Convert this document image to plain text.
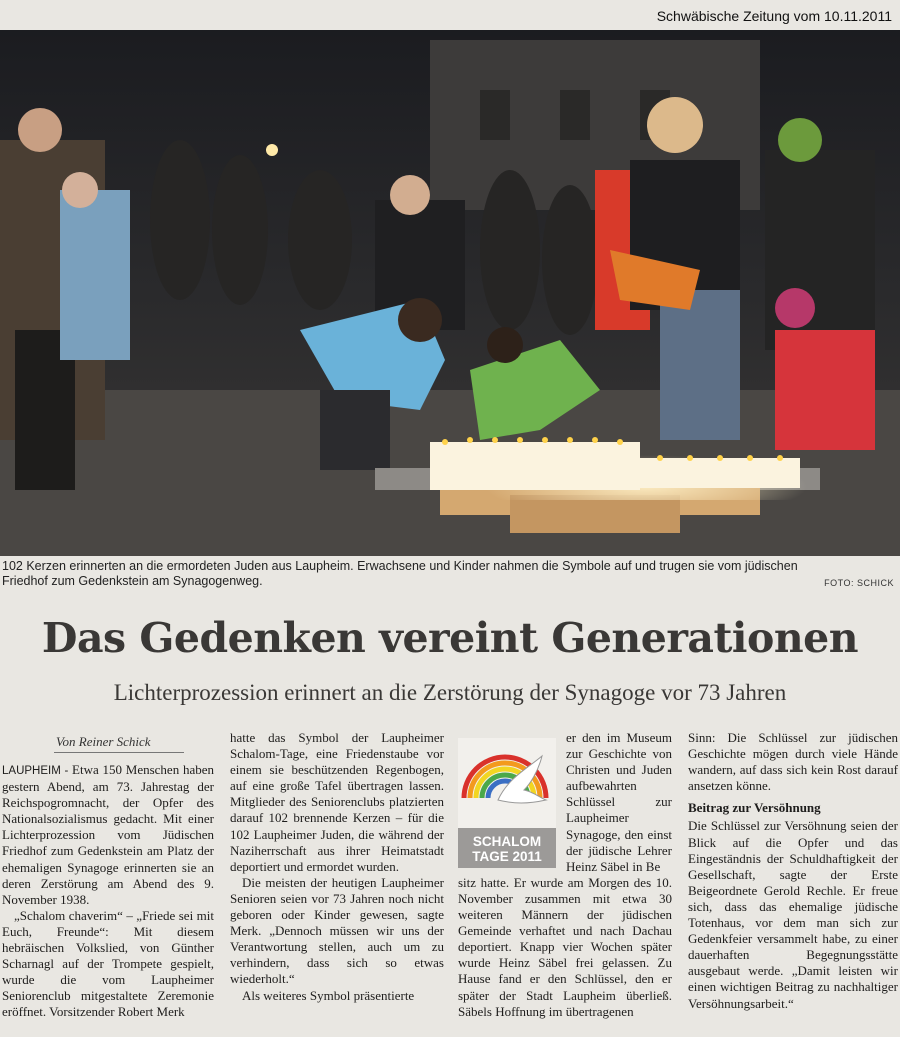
Schwäbische Zeitung vom 10.11.2011
102 Kerzen erinnerten an die ermordeten Juden aus Laupheim. Erwachsene und Kinder nahmen die Symbole auf und trugen sie vom jüdischen Friedhof zum Gedenkstein am Synagogenweg.	FOTO: SCHICK
Das Gedenken vereint Generationen
Lichterprozession erinnert an die Zerstörung der Synagoge vor 73 Jahren
Von Reiner Schick

LAUPHEIM - Etwa 150 Menschen haben gestern Abend, am 73. Jahrestag der Reichspogromnacht, der Opfer des Nationalsozialismus gedacht. Mit einer Lichterprozession vom Jüdischen Friedhof zum Gedenkstein am Platz der ehemaligen Synagoge erinnerten sie an deren Zerstörung am Abend des 9. November 1938.

„Schalom chaverim“ – „Friede sei mit Euch, Freunde“: Mit diesem hebräischen Volkslied, von Günther Scharnagl auf der Trompete gespielt, wurde die vom Laupheimer Seniorenclub mitgestaltete Zeremonie eröffnet. Vorsitzender Robert Merk

hatte das Symbol der Laupheimer Schalom-Tage, eine Friedenstaube vor einem sie beschützenden Regenbogen, auf eine große Tafel übertragen lassen. Mitglieder des Seniorenclubs platzierten darauf 102 brennende Kerzen – für die 102 Laupheimer Juden, die während der Naziherrschaft aus ihrer Heimatstadt deportiert und ermordet wurden.

Die meisten der heutigen Laupheimer Senioren seien vor 73 Jahren noch nicht geboren oder Kinder gewesen, sagte Merk. „Dennoch müssen wir uns der Verantwortung stellen, auch um zu verhindern, dass sich so etwas wiederholt.“

Als weiteres Symbol präsentierte

SCHALOM
TAGE 2011

er den im Museum zur Geschichte von Christen und Juden aufbewahrten Schlüssel zur Laupheimer Synagoge, den einst der jüdische Lehrer Heinz Säbel in Be
sitz hatte. Er wurde am Morgen des 10. November zusammen mit etwa 30 weiteren Männern der jüdischen Gemeinde verhaftet und nach Dachau deportiert. Knapp vier Wochen später wurde Heinz Säbel frei gelassen. Zu Hause fand er den Schlüssel, den er später der Stadt Laupheim überließ. Säbels Hoffnung im übertragenen

Sinn: Die Schlüssel zur jüdischen Geschichte mögen durch viele Hände wandern, auf dass sich kein Rost darauf ansetzen könne.

Beitrag zur Versöhnung

Die Schlüssel zur Versöhnung seien der Blick auf die Opfer und das Eingeständnis der Schuldhaftigkeit der Gesellschaft, sagte der Erste Beigeordnete Gerold Rechle. Er freue sich, dass das ehemalige jüdische Totenhaus, vor dem man sich zur Gedenkfeier versammelt habe, zu einer dauerhaften Begegnungsstätte ausgebaut werde. „Damit leisten wir einen wichtigen Beitrag zu nachhaltiger Versöhnungsarbeit.“
